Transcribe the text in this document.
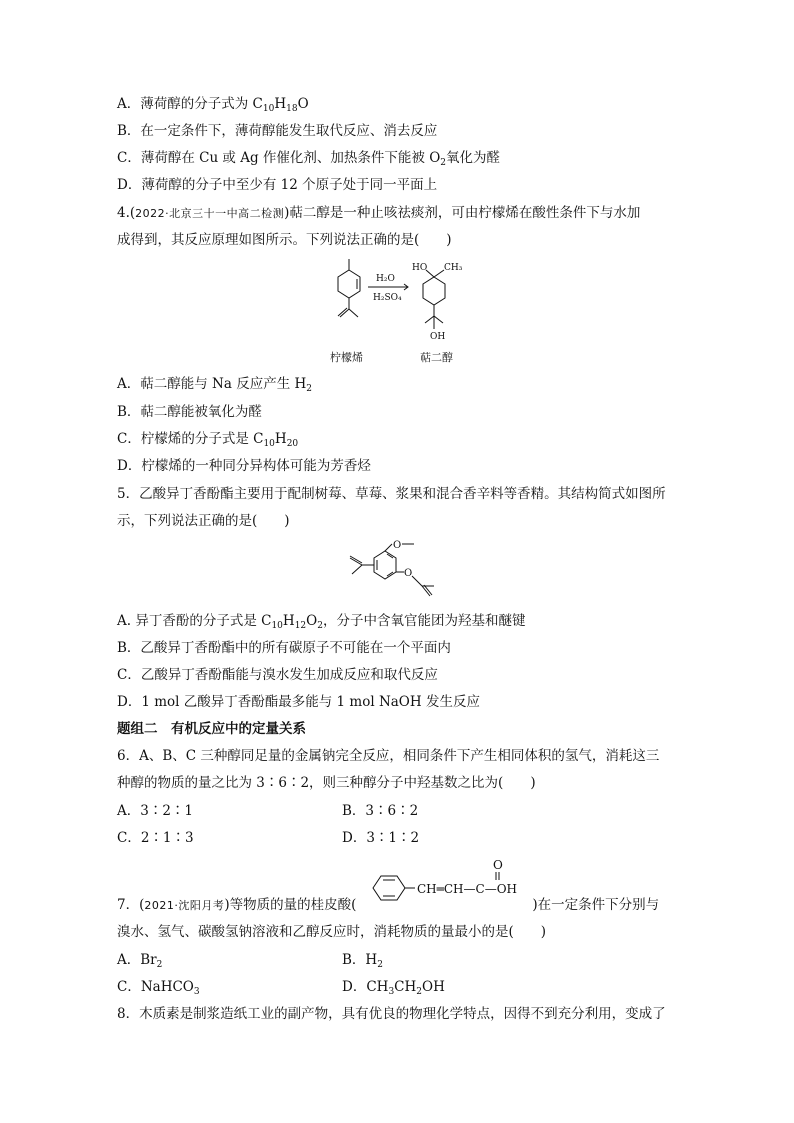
A．薄荷醇的分子式为 $C_{10}H_{18}O$
B．在一定条件下，薄荷醇能发生取代反应、消去反应
C．薄荷醇在 Cu 或 Ag 作催化剂、加热条件下能被 $O_2$氧化为醛
D．薄荷醇的分子中至少有 12 个原子处于同一平面上
4.(2022·北京三十一中高二检测)萜二醇是一种止咳祛痰剂，可由柠檬烯在酸性条件下与水加
成得到，其反应原理如图所示。下列说法正确的是(　　)
H₂O
H₂SO₄
HO CH₃
OH
柠檬烯	萜二醇
A．萜二醇能与 Na 反应产生 $H_2$
B．萜二醇能被氧化为醛
C．柠檬烯的分子式是 $C_{10}H_{20}$
D．柠檬烯的一种同分异构体可能为芳香烃
5．乙酸异丁香酚酯主要用于配制树莓、草莓、浆果和混合香辛料等香精。其结构简式如图所
示，下列说法正确的是(　　)
O
O
A. 异丁香酚的分子式是 $C_{10}H_{12}O_2$，分子中含氧官能团为羟基和醚键
B．乙酸异丁香酚酯中的所有碳原子不可能在一个平面内
C．乙酸异丁香酚酯能与溴水发生加成反应和取代反应
D．1 mol 乙酸异丁香酚酯最多能与 1 mol NaOH 发生反应
题组二　有机反应中的定量关系
6．A、B、C 三种醇同足量的金属钠完全反应，相同条件下产生相同体积的氢气，消耗这三
种醇的物质的量之比为 3∶6∶2，则三种醇分子中羟基数之比为(　　)
A．3∶2∶1	B．3∶6∶2
C．2∶1∶3	D．3∶1∶2
7．(2021·沈阳月考)等物质的量的桂皮酸(	)在一定条件下分别与
CH═CH—C—OH
O
溴水、氢气、碳酸氢钠溶液和乙醇反应时，消耗物质的量最小的是(　　)
A．$Br_2$	B．$H_2$
C．NaHCO$_3$	D．$CH_3CH_2OH$
8．木质素是制浆造纸工业的副产物，具有优良的物理化学特点，因得不到充分利用，变成了
